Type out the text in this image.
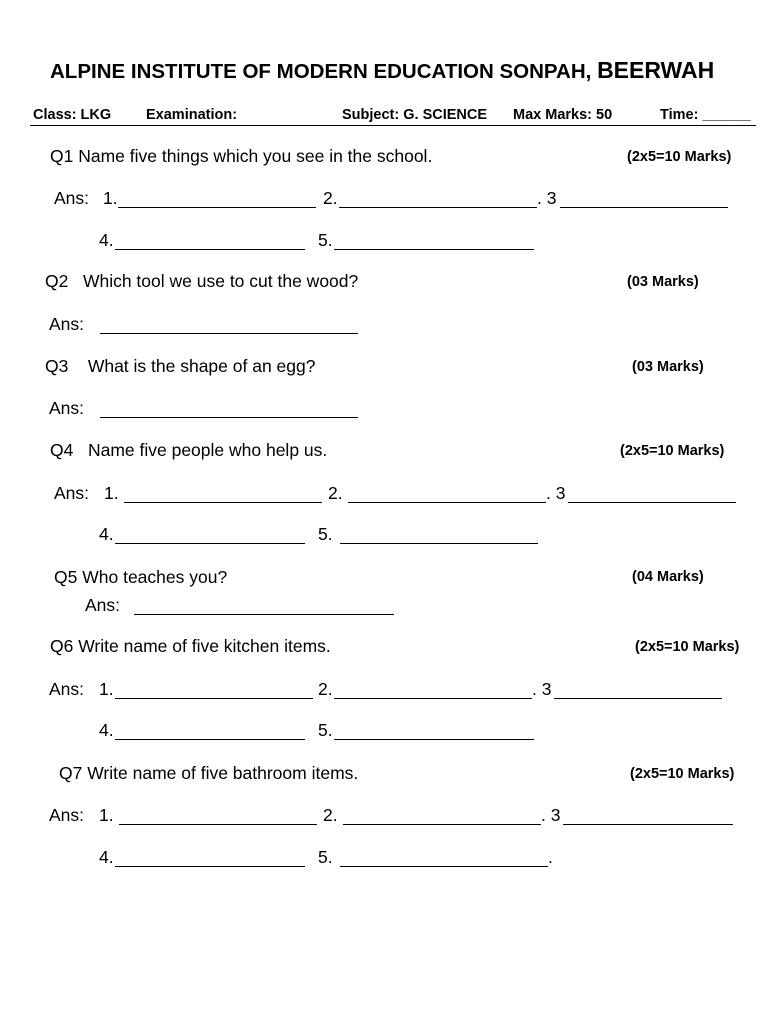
ALPINE INSTITUTE OF MODERN EDUCATION SONPAH, BEERWAH
Class: LKG Examination:	Subject: G. SCIENCE Max Marks: 50	Time: ______
Q1 Name five things which you see in the school.	(2x5=10 Marks)
Ans: 1.	2.	. 3
4.	5.
Q2 Which tool we use to cut the wood?	(03 Marks)
Ans:
Q3 What is the shape of an egg?	(03 Marks)
Ans:
Q4 Name five people who help us.	(2x5=10 Marks)
Ans: 1.	2.	. 3
4.	5.
Q5 Who teaches you?	(04 Marks)
Ans:
Q6 Write name of five kitchen items.	(2x5=10 Marks)
Ans: 1.	2.	. 3
4.	5.
Q7 Write name of five bathroom items.	(2x5=10 Marks)
Ans: 1.	2.	. 3
4.	5.	.
